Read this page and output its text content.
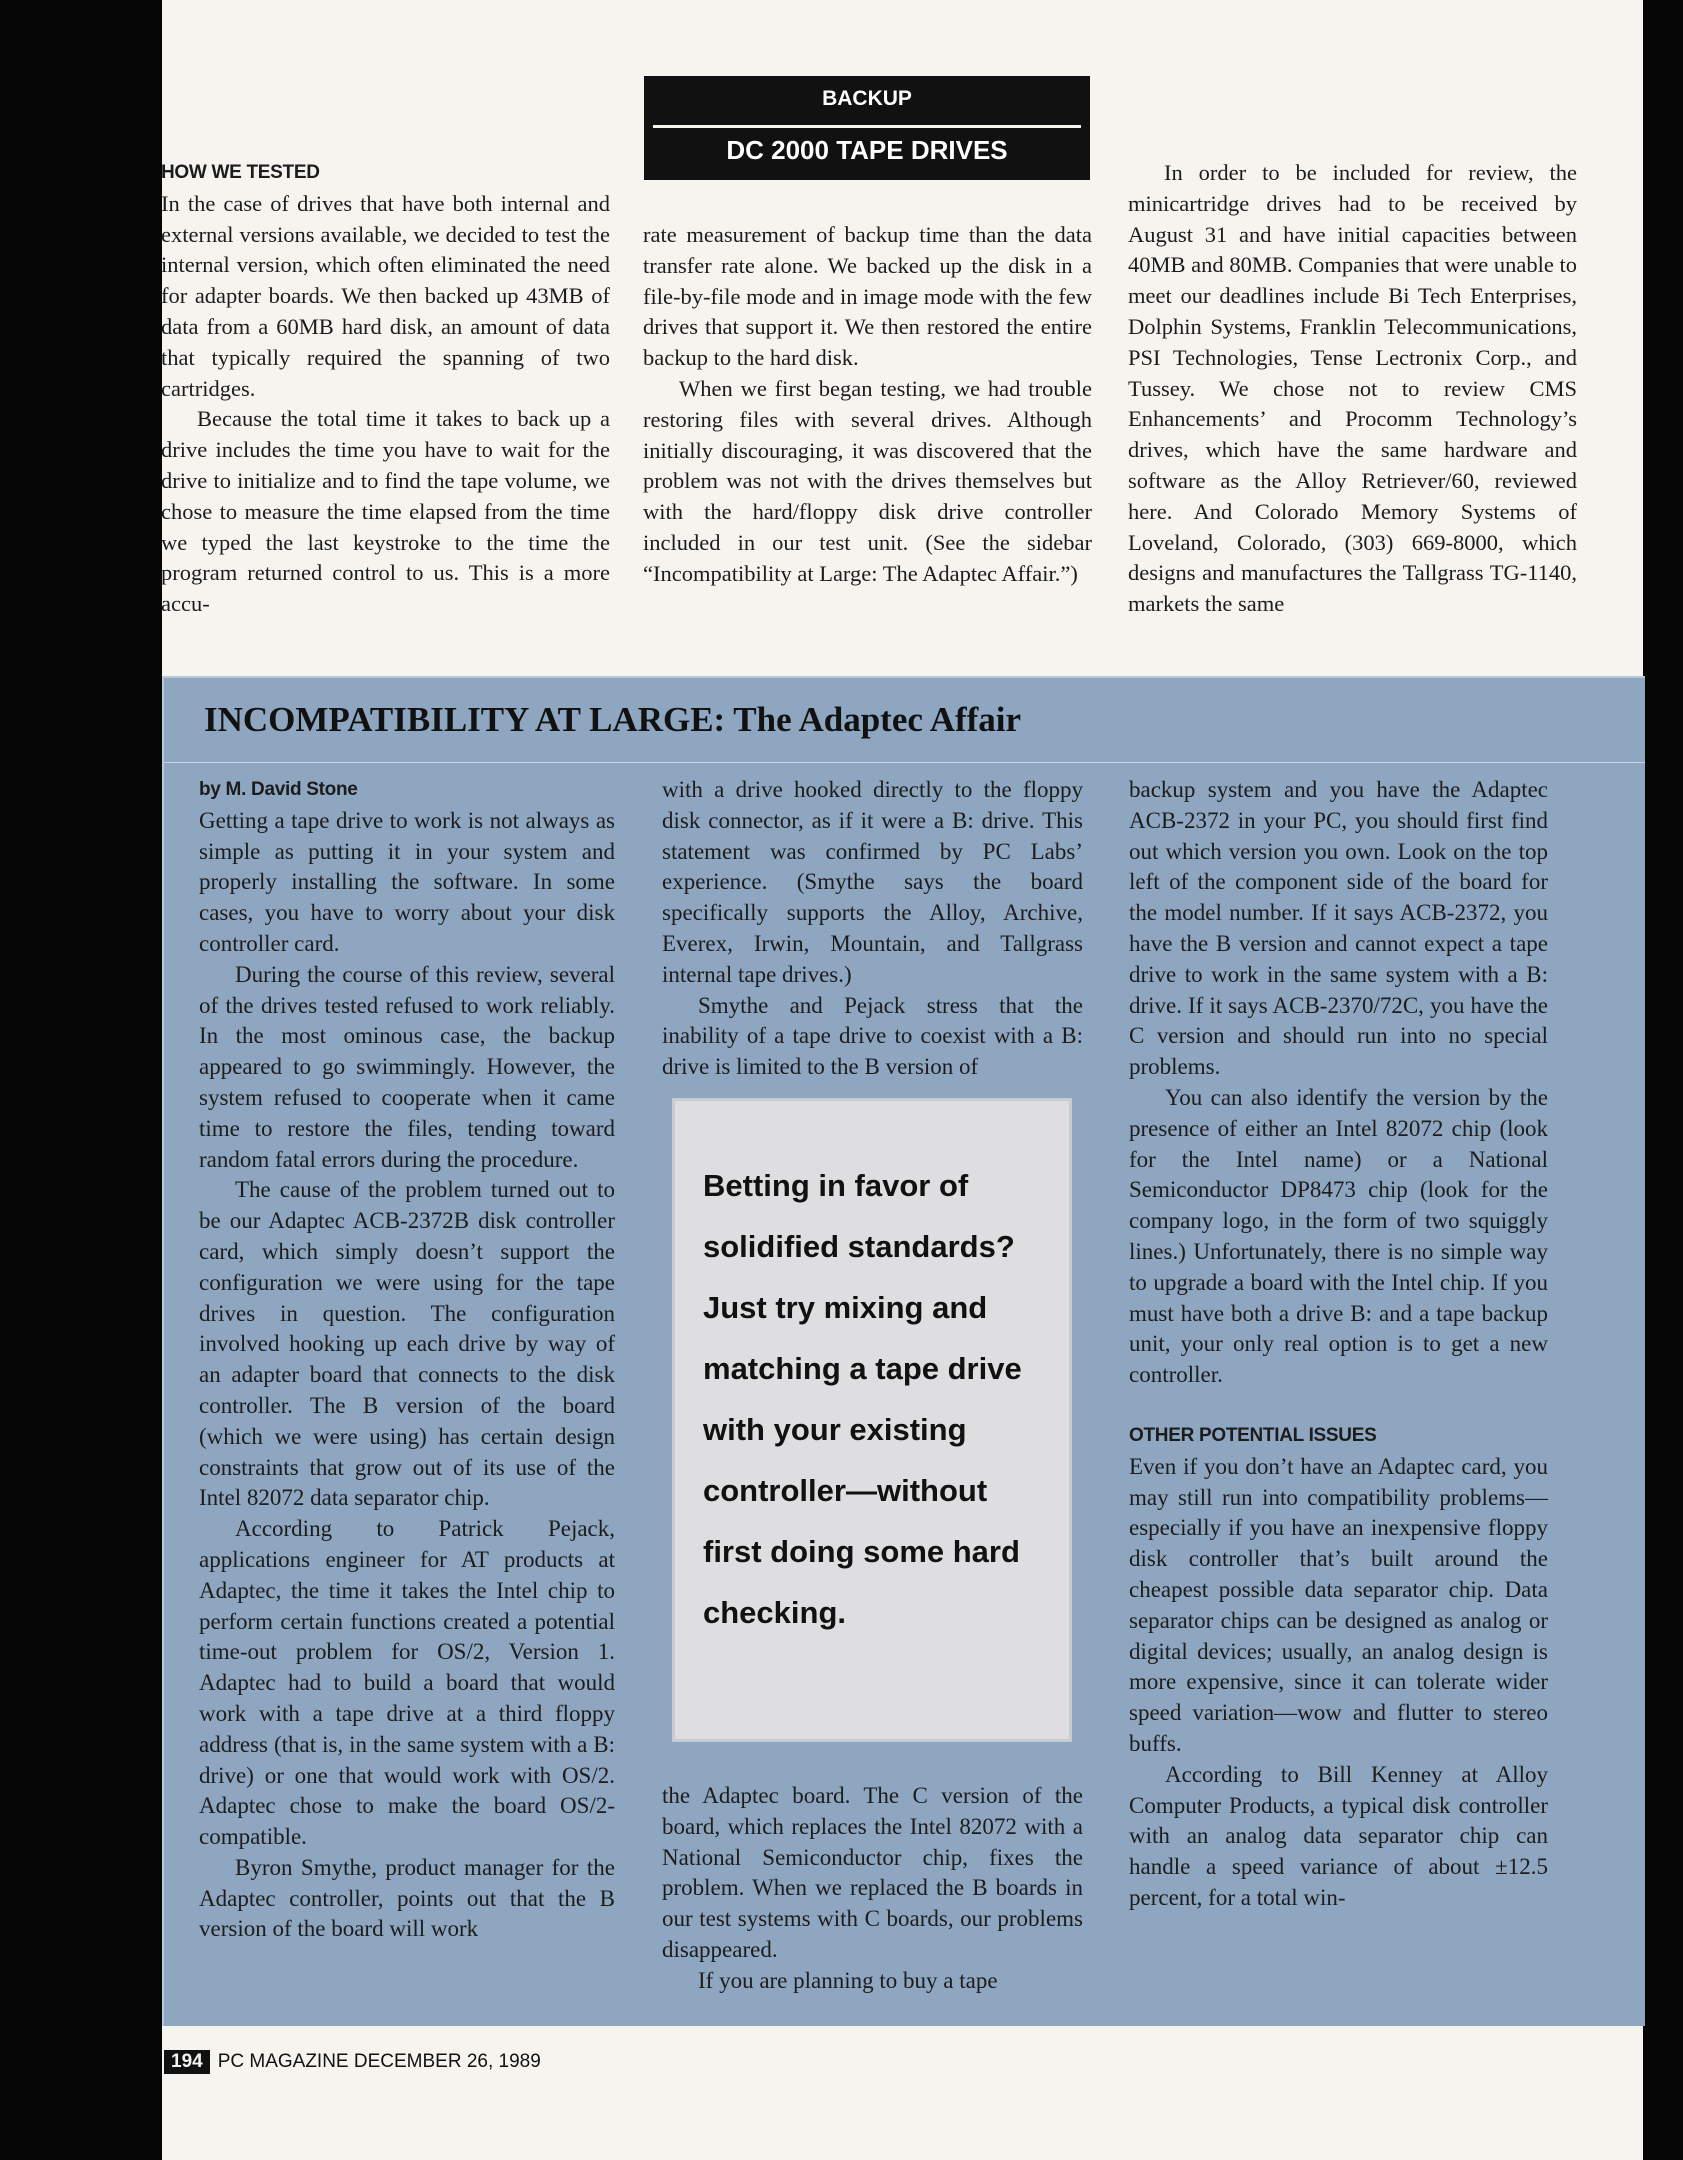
BACKUP
DC 2000 TAPE DRIVES
HOW WE TESTED

In the case of drives that have both internal and external versions available, we decided to test the internal version, which often eliminated the need for adapter boards. We then backed up 43MB of data from a 60MB hard disk, an amount of data that typically required the spanning of two cartridges.

Because the total time it takes to back up a drive includes the time you have to wait for the drive to initialize and to find the tape volume, we chose to measure the time elapsed from the time we typed the last keystroke to the time the program returned control to us. This is a more accu-

rate measurement of backup time than the data transfer rate alone. We backed up the disk in a file-by-file mode and in image mode with the few drives that support it. We then restored the entire backup to the hard disk.

When we first began testing, we had trouble restoring files with several drives. Although initially discouraging, it was discovered that the problem was not with the drives themselves but with the hard/floppy disk drive controller included in our test unit. (See the sidebar “Incompatibility at Large: The Adaptec Affair.”)

In order to be included for review, the minicartridge drives had to be received by August 31 and have initial capacities between 40MB and 80MB. Companies that were unable to meet our deadlines include Bi Tech Enterprises, Dolphin Systems, Franklin Telecommunications, PSI Technologies, Tense Lectronix Corp., and Tussey. We chose not to review CMS Enhancements’ and Procomm Technology’s drives, which have the same hardware and software as the Alloy Retriever/60, reviewed here. And Colorado Memory Systems of Loveland, Colorado, (303) 669-8000, which designs and manufactures the Tallgrass TG-1140, markets the same

INCOMPATIBILITY AT LARGE: The Adaptec Affair
by M. David Stone

Getting a tape drive to work is not always as simple as putting it in your system and properly installing the software. In some cases, you have to worry about your disk controller card.

During the course of this review, several of the drives tested refused to work reliably. In the most ominous case, the backup appeared to go swimmingly. However, the system refused to cooperate when it came time to restore the files, tending toward random fatal errors during the procedure.

The cause of the problem turned out to be our Adaptec ACB-2372B disk controller card, which simply doesn’t support the configuration we were using for the tape drives in question. The configuration involved hooking up each drive by way of an adapter board that connects to the disk controller. The B version of the board (which we were using) has certain design constraints that grow out of its use of the Intel 82072 data separator chip.

According to Patrick Pejack, applications engineer for AT products at Adaptec, the time it takes the Intel chip to perform certain functions created a potential time-out problem for OS/2, Version 1. Adaptec had to build a board that would work with a tape drive at a third floppy address (that is, in the same system with a B: drive) or one that would work with OS/2. Adaptec chose to make the board OS/2-compatible.

Byron Smythe, product manager for the Adaptec controller, points out that the B version of the board will work

with a drive hooked directly to the floppy disk connector, as if it were a B: drive. This statement was confirmed by PC Labs’ experience. (Smythe says the board specifically supports the Alloy, Archive, Everex, Irwin, Mountain, and Tallgrass internal tape drives.)

Smythe and Pejack stress that the inability of a tape drive to coexist with a B: drive is limited to the B version of

Betting in favor of solidified standards? Just try mixing and matching a tape drive with your existing controller—without first doing some hard checking.

the Adaptec board. The C version of the board, which replaces the Intel 82072 with a National Semiconductor chip, fixes the problem. When we replaced the B boards in our test systems with C boards, our problems disappeared.

If you are planning to buy a tape

backup system and you have the Adaptec ACB-2372 in your PC, you should first find out which version you own. Look on the top left of the component side of the board for the model number. If it says ACB-2372, you have the B version and cannot expect a tape drive to work in the same system with a B: drive. If it says ACB-2370/72C, you have the C version and should run into no special problems.

You can also identify the version by the presence of either an Intel 82072 chip (look for the Intel name) or a National Semiconductor DP8473 chip (look for the company logo, in the form of two squiggly lines.) Unfortunately, there is no simple way to upgrade a board with the Intel chip. If you must have both a drive B: and a tape backup unit, your only real option is to get a new controller.

OTHER POTENTIAL ISSUES

Even if you don’t have an Adaptec card, you may still run into compatibility problems—especially if you have an inexpensive floppy disk controller that’s built around the cheapest possible data separator chip. Data separator chips can be designed as analog or digital devices; usually, an analog design is more expensive, since it can tolerate wider speed variation—wow and flutter to stereo buffs.

According to Bill Kenney at Alloy Computer Products, a typical disk controller with an analog data separator chip can handle a speed variance of about ±12.5 percent, for a total win-

194 PC MAGAZINE DECEMBER 26, 1989
